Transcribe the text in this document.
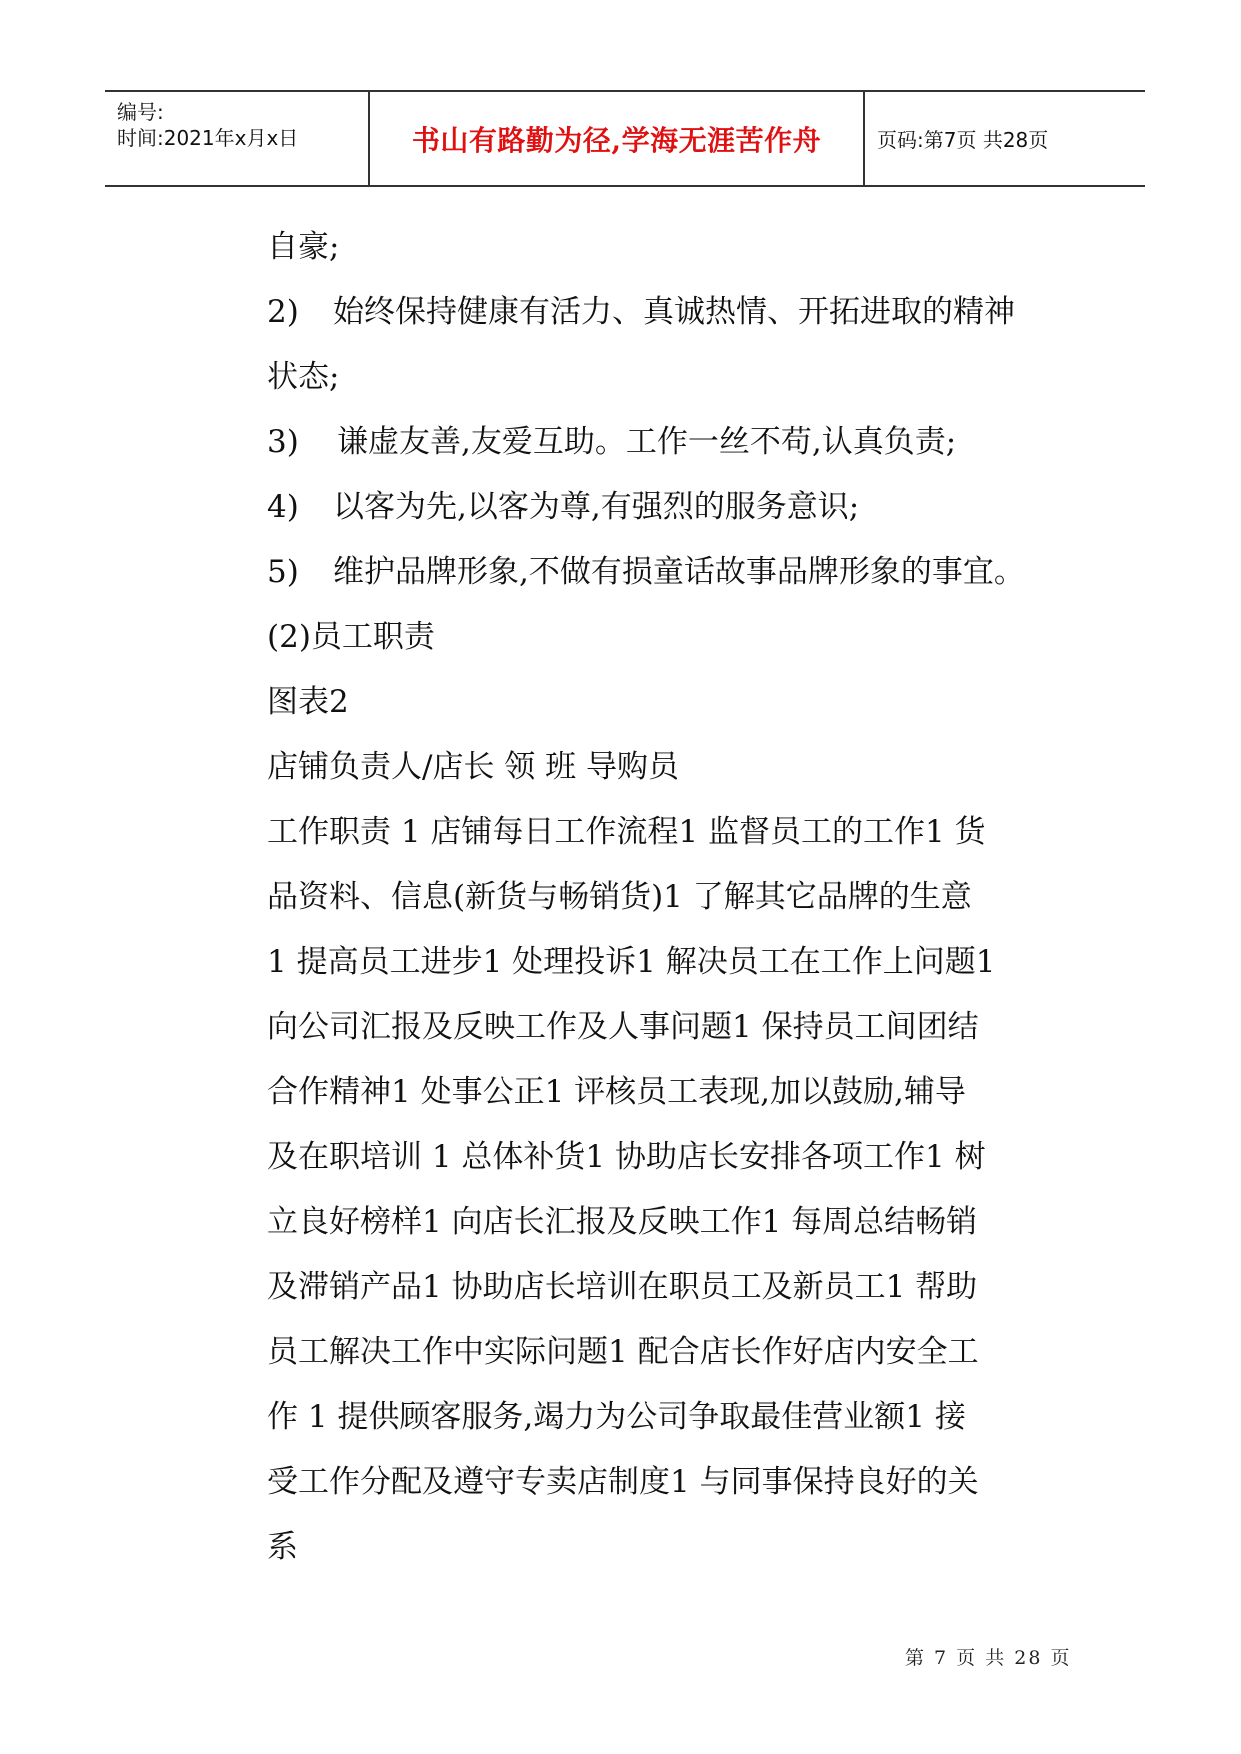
编号:
时间:2021年x月x日	书山有路勤为径,学海无涯苦作舟	页码:第7页 共28页
自豪;
2) 始终保持健康有活力、真诚热情、开拓进取的精神
状态;
3) 谦虚友善,友爱互助。工作一丝不苟,认真负责;
4) 以客为先,以客为尊,有强烈的服务意识;
5) 维护品牌形象,不做有损童话故事品牌形象的事宜。
(2)员工职责
图表2
店铺负责人/店长 领 班 导购员
工作职责 1 店铺每日工作流程1 监督员工的工作1 货
品资料、信息(新货与畅销货)1 了解其它品牌的生意
1 提高员工进步1 处理投诉1 解决员工在工作上问题1
向公司汇报及反映工作及人事问题1 保持员工间团结
合作精神1 处事公正1 评核员工表现,加以鼓励,辅导
及在职培训 1 总体补货1 协助店长安排各项工作1 树
立良好榜样1 向店长汇报及反映工作1 每周总结畅销
及滞销产品1 协助店长培训在职员工及新员工1 帮助
员工解决工作中实际问题1 配合店长作好店内安全工
作 1 提供顾客服务,竭力为公司争取最佳营业额1 接
受工作分配及遵守专卖店制度1 与同事保持良好的关
系
第 7 页 共 28 页
